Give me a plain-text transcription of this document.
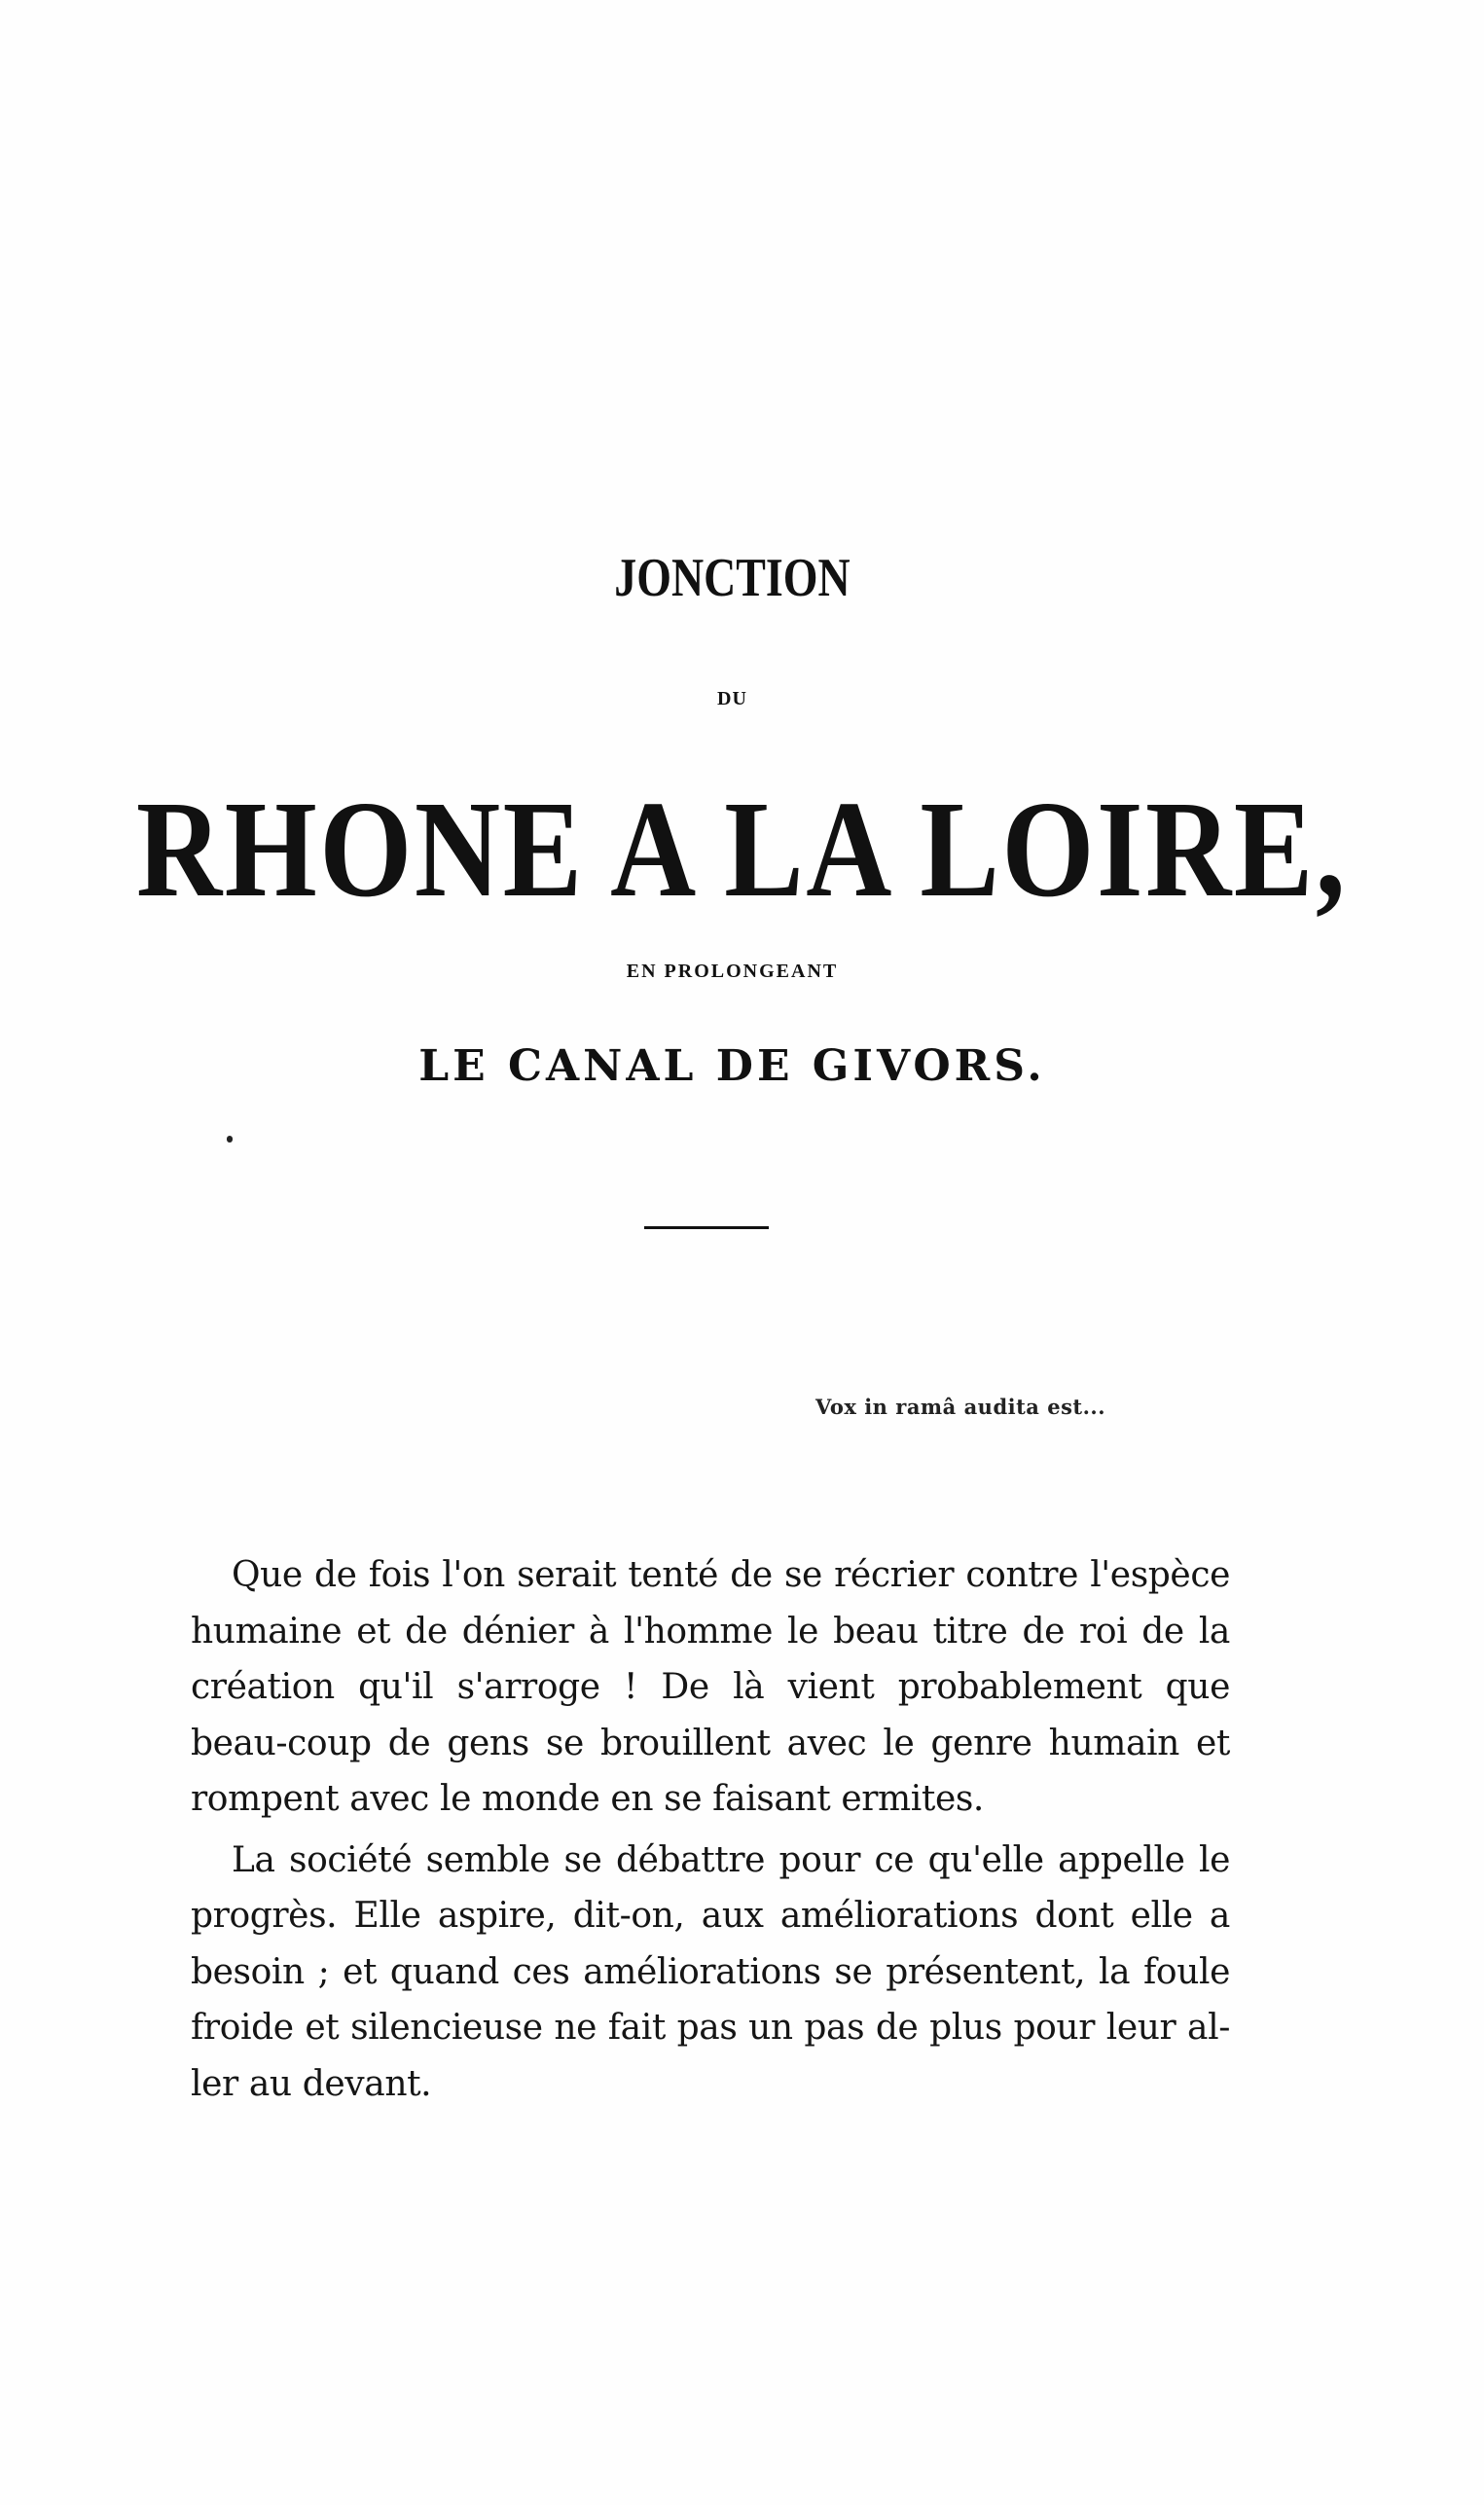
JONCTION
DU
RHONE A LA LOIRE,
EN PROLONGEANT
LE CANAL DE GIVORS.
Vox in ramâ audita est...

Que de fois l'on serait tenté de se récrier contre l'espèce humaine et de dénier à l'homme le beau titre de roi de la création qu'il s'arroge ! De là vient probablement que beau-coup de gens se brouillent avec le genre humain et rompent avec le monde en se faisant ermites.

La société semble se débattre pour ce qu'elle appelle le progrès. Elle aspire, dit-on, aux améliorations dont elle a besoin ; et quand ces améliorations se présentent, la foule froide et silencieuse ne fait pas un pas de plus pour leur al-ler au devant.
